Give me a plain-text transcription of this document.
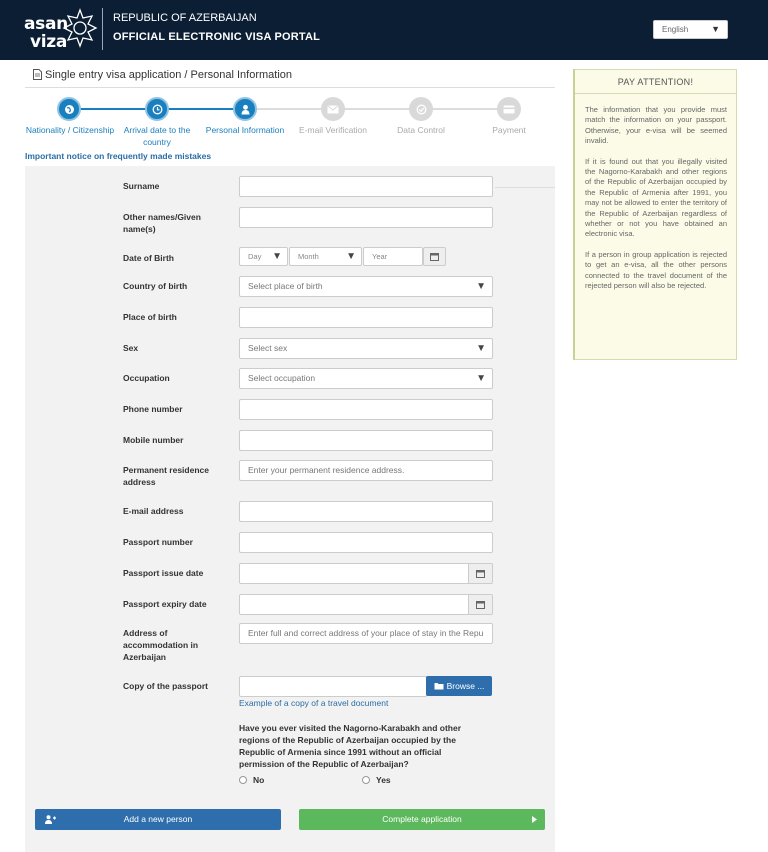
asan
viza
REPUBLIC OF AZERBAIJAN
OFFICIAL ELECTRONIC VISA PORTAL
English	▼
Single entry visa application / Personal Information
Nationality / Citizenship	Arrival date to the country
Personal Information	E-mail Verification	Data Control	Payment
Important notice on frequently made mistakes
Surname
Other names/Given name(s)
Date of Birth	Day ▼	Month	▼	Year
Country of birth	Select place of birth	▼
Place of birth
Sex	Select sex	▼
Occupation	Select occupation	▼
Phone number
Mobile number
Permanent residence address
Enter your permanent residence address.
E-mail address
Passport number
Passport issue date
Passport expiry date
Address of accommodation in Azerbaijan
Enter full and correct address of your place of stay in the Repu
Copy of the passport	Browse ...
Example of a copy of a travel document
Have you ever visited the Nagorno-Karabakh and other regions of the Republic of Azerbaijan occupied by the Republic of Armenia since 1991 without an official permission of the Republic of Azerbaijan?
No	Yes
Add a new person	Complete application
PAY ATTENTION!

The information that you provide must match the information on your passport. Otherwise, your e-visa will be seemed invalid.

If it is found out that you illegally visited the Nagorno-Karabakh and other regions of the Republic of Azerbaijan occupied by the Republic of Armenia after 1991, you may not be allowed to enter the territory of the Republic of Azerbaijan regardless of whether or not you have obtained an electronic visa.

If a person in group application is rejected to get an e-visa, all the other persons connected to the travel document of the rejected person will also be rejected.
